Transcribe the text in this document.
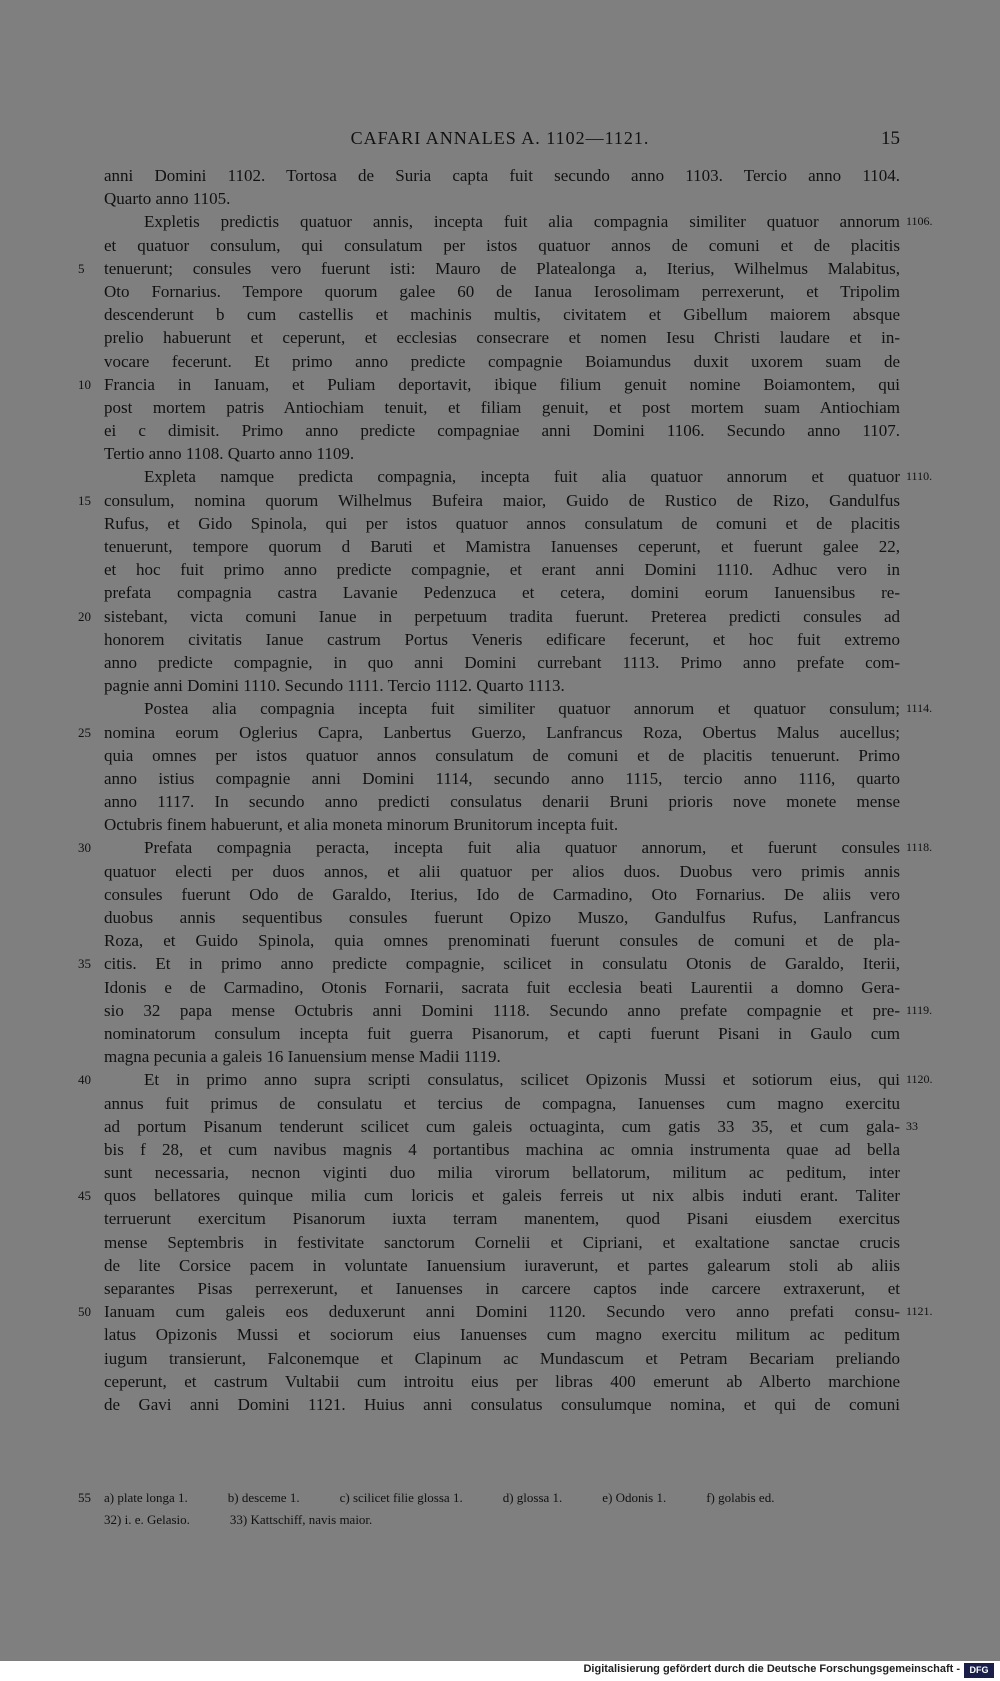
CAFARI ANNALES A. 1102—1121.	15
anni Domini 1102. Tortosa de Suria capta fuit secundo anno 1103. Tercio anno 1104.
Quarto anno 1105.
Expletis predictis quatuor annis, incepta fuit alia compagnia similiter quatuor annorum 1106.
et quatuor consulum, qui consulatum per istos quatuor annos de comuni et de placitis
tenuerunt; consules vero fuerunt isti: Mauro de Platealonga a, Iterius, Wilhelmus Malabitus,
5
Oto Fornarius. Tempore quorum galee 60 de Ianua Ierosolimam perrexerunt, et Tripolim
descenderunt b cum castellis et machinis multis, civitatem et Gibellum maiorem absque
prelio habuerunt et ceperunt, et ecclesias consecrare et nomen Iesu Christi laudare et in-
vocare fecerunt. Et primo anno predicte compagnie Boiamundus duxit uxorem suam de
Francia in Ianuam, et Puliam deportavit, ibique filium genuit nomine Boiamontem, qui
10
post mortem patris Antiochiam tenuit, et filiam genuit, et post mortem suam Antiochiam
ei c dimisit. Primo anno predicte compagniae anni Domini 1106. Secundo anno 1107.
Tertio anno 1108. Quarto anno 1109.
Expleta namque predicta compagnia, incepta fuit alia quatuor annorum et quatuor 1110.
consulum, nomina quorum Wilhelmus Bufeira maior, Guido de Rustico de Rizo, Gandulfus
15
Rufus, et Gido Spinola, qui per istos quatuor annos consulatum de comuni et de placitis
tenuerunt, tempore quorum d Baruti et Mamistra Ianuenses ceperunt, et fuerunt galee 22,
et hoc fuit primo anno predicte compagnie, et erant anni Domini 1110. Adhuc vero in
prefata compagnia castra Lavanie Pedenzuca et cetera, domini eorum Ianuensibus re-
sistebant, victa comuni Ianue in perpetuum tradita fuerunt. Preterea predicti consules ad
20
honorem civitatis Ianue castrum Portus Veneris edificare fecerunt, et hoc fuit extremo
anno predicte compagnie, in quo anni Domini currebant 1113. Primo anno prefate com-
pagnie anni Domini 1110. Secundo 1111. Tercio 1112. Quarto 1113.
Postea alia compagnia incepta fuit similiter quatuor annorum et quatuor consulum; 1114.
nomina eorum Oglerius Capra, Lanbertus Guerzo, Lanfrancus Roza, Obertus Malus aucellus;
25
quia omnes per istos quatuor annos consulatum de comuni et de placitis tenuerunt. Primo
anno istius compagnie anni Domini 1114, secundo anno 1115, tercio anno 1116, quarto
anno 1117. In secundo anno predicti consulatus denarii Bruni prioris nove monete mense
Octubris finem habuerunt, et alia moneta minorum Brunitorum incepta fuit.
Prefata compagnia peracta, incepta fuit alia quatuor annorum, et fuerunt consules
30	1118.
quatuor electi per duos annos, et alii quatuor per alios duos. Duobus vero primis annis
consules fuerunt Odo de Garaldo, Iterius, Ido de Carmadino, Oto Fornarius. De aliis vero
duobus annis sequentibus consules fuerunt Opizo Muszo, Gandulfus Rufus, Lanfrancus
Roza, et Guido Spinola, quia omnes prenominati fuerunt consules de comuni et de pla-
citis. Et in primo anno predicte compagnie, scilicet in consulatu Otonis de Garaldo, Iterii,
35
Idonis e de Carmadino, Otonis Fornarii, sacrata fuit ecclesia beati Laurentii a domno Gera-
sio 32 papa mense Octubris anni Domini 1118. Secundo anno prefate compagnie et pre- 1119.
nominatorum consulum incepta fuit guerra Pisanorum, et capti fuerunt Pisani in Gaulo cum
magna pecunia a galeis 16 Ianuensium mense Madii 1119.
Et in primo anno supra scripti consulatus, scilicet Opizonis Mussi et sotiorum eius, qui
40	1120.
annus fuit primus de consulatu et tercius de compagna, Ianuenses cum magno exercitu
ad portum Pisanum tenderunt scilicet cum galeis octuaginta, cum gatis 33 35, et cum gala- 33
bis f 28, et cum navibus magnis 4 portantibus machina ac omnia instrumenta quae ad bella
sunt necessaria, necnon viginti duo milia virorum bellatorum, militum ac peditum, inter
quos bellatores quinque milia cum loricis et galeis ferreis ut nix albis induti erant. Taliter
45
terruerunt exercitum Pisanorum iuxta terram manentem, quod Pisani eiusdem exercitus
mense Septembris in festivitate sanctorum Cornelii et Cipriani, et exaltatione sanctae crucis
de lite Corsice pacem in voluntate Ianuensium iuraverunt, et partes galearum stoli ab aliis
separantes Pisas perrexerunt, et Ianuenses in carcere captos inde carcere extraxerunt, et
Ianuam cum galeis eos deduxerunt anni Domini 1120. Secundo vero anno prefati consu-
50	1121.
latus Opizonis Mussi et sociorum eius Ianuenses cum magno exercitu militum ac peditum
iugum transierunt, Falconemque et Clapinum ac Mundascum et Petram Becariam preliando
ceperunt, et castrum Vultabii cum introitu eius per libras 400 emerunt ab Alberto marchione
de Gavi anni Domini 1121. Huius anni consulatus consulumque nomina, et qui de comuni
55	a) plate longa 1.	b) desceme 1.	c) scilicet filie glossa 1.	d) glossa 1.	e) Odonis 1.	f) golabis ed.
32) i. e. Gelasio.	33) Kattschiff, navis maior.
Digitalisierung gefördert durch die Deutsche Forschungsgemeinschaft -	DFG
